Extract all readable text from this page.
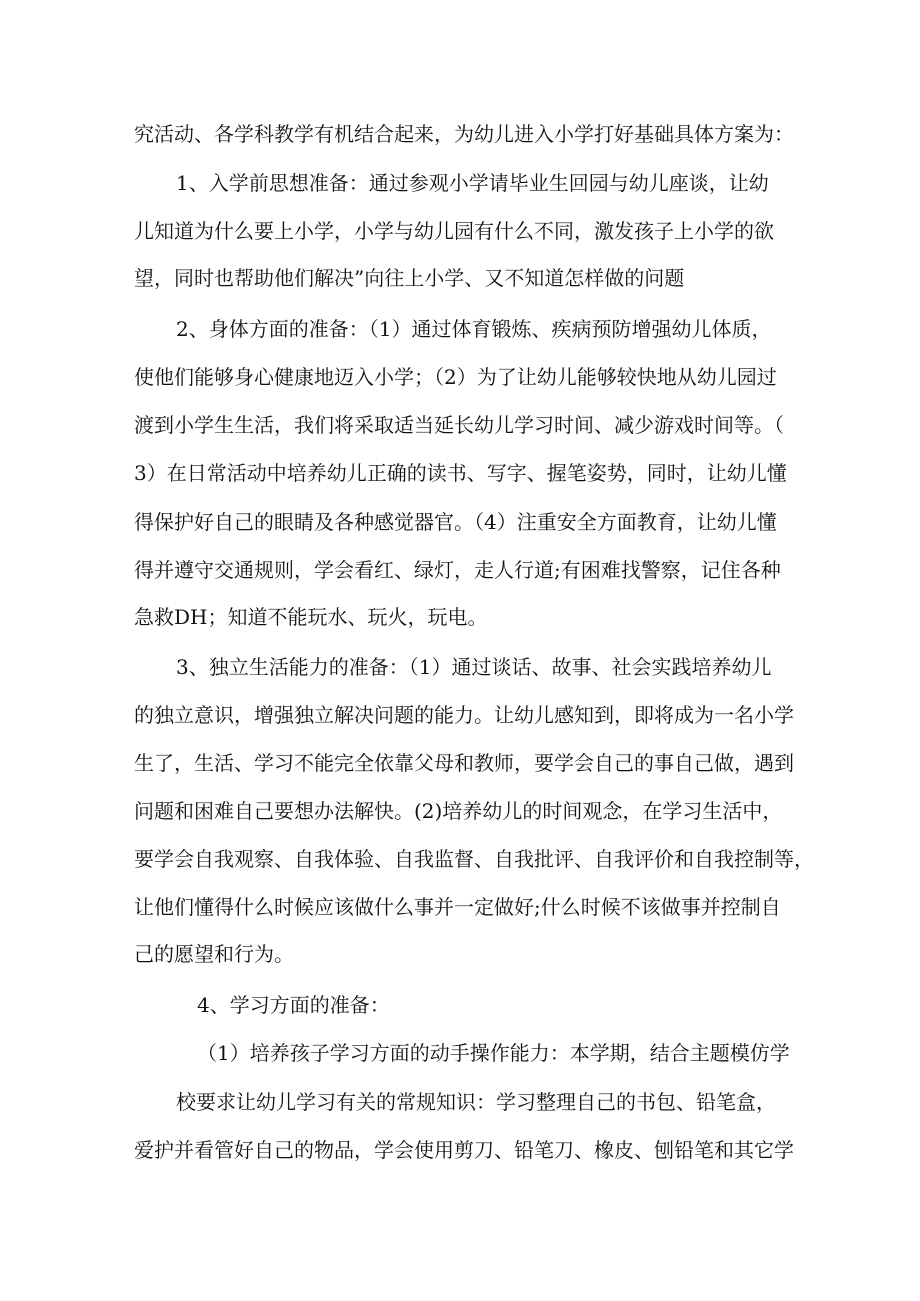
究活动、各学科教学有机结合起来，为幼儿进入小学打好基础具体方案为：

1、入学前思想准备：通过参观小学请毕业生回园与幼儿座谈，让幼

儿知道为什么要上小学，小学与幼儿园有什么不同，激发孩子上小学的欲

望，同时也帮助他们解决”向往上小学、又不知道怎样做的问题

2、身体方面的准备：（1）通过体育锻炼、疾病预防增强幼儿体质，

使他们能够身心健康地迈入小学；（2）为了让幼儿能够较快地从幼儿园过

渡到小学生生活，我们将采取适当延长幼儿学习时间、减少游戏时间等。（

3）在日常活动中培养幼儿正确的读书、写字、握笔姿势，同时，让幼儿懂

得保护好自己的眼睛及各种感觉器官。（4）注重安全方面教育，让幼儿懂

得并遵守交通规则，学会看红、绿灯，走人行道;有困难找警察，记住各种

急救DH；知道不能玩水、玩火，玩电。

3、独立生活能力的准备：（1）通过谈话、故事、社会实践培养幼儿

的独立意识，增强独立解决问题的能力。让幼儿感知到，即将成为一名小学

生了，生活、学习不能完全依靠父母和教师，要学会自己的事自己做，遇到

问题和困难自己要想办法解快。(2)培养幼儿的时间观念，在学习生活中，

要学会自我观察、自我体验、自我监督、自我批评、自我评价和自我控制等，

让他们懂得什么时候应该做什么事并一定做好;什么时候不该做事并控制自

己的愿望和行为。

4、学习方面的准备：

（1）培养孩子学习方面的动手操作能力：本学期，结合主题模仿学

校要求让幼儿学习有关的常规知识：学习整理自己的书包、铅笔盒，

爱护并看管好自己的物品，学会使用剪刀、铅笔刀、橡皮、刨铅笔和其它学
